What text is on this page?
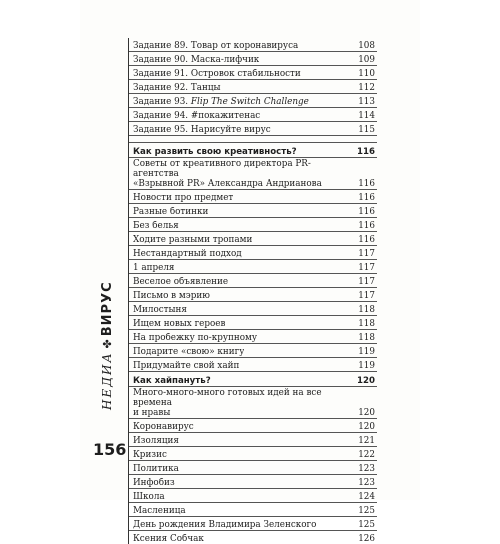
НЕДИА
✤
ВИРУС
156
Задание 89. Товар от коронавируса	108
Задание 90. Маска-лифчик	109
Задание 91. Островок стабильности	110
Задание 92. Танцы	112
Задание 93. Flip The Switch Challenge	113
Задание 94. #покажитенас	114
Задание 95. Нарисуйте вирус	115
Как развить свою креативность?	116
Советы от креативного директора PR-агентства
«Взрывной PR» Александра Андрианова	116
Новости про предмет	116
Разные ботинки	116
Без белья	116
Ходите разными тропами	116
Нестандартный подход	117
1 апреля	117
Веселое объявление	117
Письмо в мэрию	117
Милостыня	118
Ищем новых героев	118
На пробежку по-крупному	118
Подарите «свою» книгу	119
Придумайте свой хайп	119
Как хайпануть?	120
Много-много-много готовых идей на все времена
и нравы	120
Коронавирус	120
Изоляция	121
Кризис	122
Политика	123
Инфобиз	123
Школа	124
Масленица	125
День рождения Владимира Зеленского	125
Ксения Собчак	126
